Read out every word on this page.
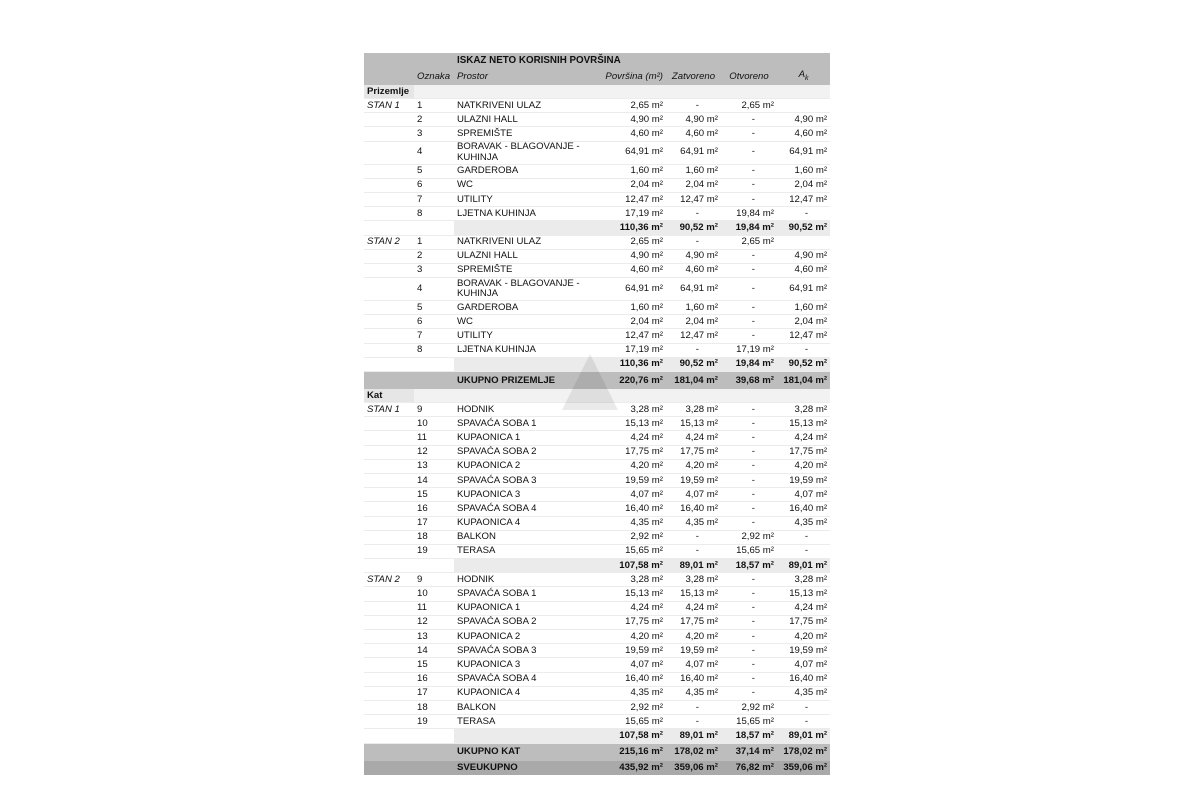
		ISKAZ NETO KORISNIH POVRŠINA				
	Oznaka	Prostor	Površina (m²)	Zatvoreno	Otvoreno	$A_k$
Prizemlje						
STAN 1	1	NATKRIVENI ULAZ	2,65 m²	-	2,65 m²	
	2	ULAZNI HALL	4,90 m²	4,90 m²	-	4,90 m²
	3	SPREMIŠTE	4,60 m²	4,60 m²	-	4,60 m²
	4	BORAVAK - BLAGOVANJE - KUHINJA	64,91 m²	64,91 m²	-	64,91 m²
	5	GARDEROBA	1,60 m²	1,60 m²	-	1,60 m²
	6	WC	2,04 m²	2,04 m²	-	2,04 m²
	7	UTILITY	12,47 m²	12,47 m²	-	12,47 m²
	8	LJETNA KUHINJA	17,19 m²	-	19,84 m²	-
			110,36 m²	90,52 m²	19,84 m²	90,52 m²
STAN 2	1	NATKRIVENI ULAZ	2,65 m²	-	2,65 m²	
	2	ULAZNI HALL	4,90 m²	4,90 m²	-	4,90 m²
	3	SPREMIŠTE	4,60 m²	4,60 m²	-	4,60 m²
	4	BORAVAK - BLAGOVANJE - KUHINJA	64,91 m²	64,91 m²	-	64,91 m²
	5	GARDEROBA	1,60 m²	1,60 m²	-	1,60 m²
	6	WC	2,04 m²	2,04 m²	-	2,04 m²
	7	UTILITY	12,47 m²	12,47 m²	-	12,47 m²
	8	LJETNA KUHINJA	17,19 m²	-	17,19 m²	-
			110,36 m²	90,52 m²	19,84 m²	90,52 m²
		UKUPNO PRIZEMLJE	220,76 m²	181,04 m²	39,68 m²	181,04 m²
Kat						
STAN 1	9	HODNIK	3,28 m²	3,28 m²	-	3,28 m²
	10	SPAVAĆA SOBA 1	15,13 m²	15,13 m²	-	15,13 m²
	11	KUPAONICA 1	4,24 m²	4,24 m²	-	4,24 m²
	12	SPAVAĆA SOBA 2	17,75 m²	17,75 m²	-	17,75 m²
	13	KUPAONICA 2	4,20 m²	4,20 m²	-	4,20 m²
	14	SPAVAĆA SOBA 3	19,59 m²	19,59 m²	-	19,59 m²
	15	KUPAONICA 3	4,07 m²	4,07 m²	-	4,07 m²
	16	SPAVAĆA SOBA 4	16,40 m²	16,40 m²	-	16,40 m²
	17	KUPAONICA 4	4,35 m²	4,35 m²	-	4,35 m²
	18	BALKON	2,92 m²	-	2,92 m²	-
	19	TERASA	15,65 m²	-	15,65 m²	-
			107,58 m²	89,01 m²	18,57 m²	89,01 m²
STAN 2	9	HODNIK	3,28 m²	3,28 m²	-	3,28 m²
	10	SPAVAĆA SOBA 1	15,13 m²	15,13 m²	-	15,13 m²
	11	KUPAONICA 1	4,24 m²	4,24 m²	-	4,24 m²
	12	SPAVAĆA SOBA 2	17,75 m²	17,75 m²	-	17,75 m²
	13	KUPAONICA 2	4,20 m²	4,20 m²	-	4,20 m²
	14	SPAVAĆA SOBA 3	19,59 m²	19,59 m²	-	19,59 m²
	15	KUPAONICA 3	4,07 m²	4,07 m²	-	4,07 m²
	16	SPAVAĆA SOBA 4	16,40 m²	16,40 m²	-	16,40 m²
	17	KUPAONICA 4	4,35 m²	4,35 m²	-	4,35 m²
	18	BALKON	2,92 m²	-	2,92 m²	-
	19	TERASA	15,65 m²	-	15,65 m²	-
			107,58 m²	89,01 m²	18,57 m²	89,01 m²
		UKUPNO KAT	215,16 m²	178,02 m²	37,14 m²	178,02 m²
		SVEUKUPNO	435,92 m²	359,06 m²	76,82 m²	359,06 m²
